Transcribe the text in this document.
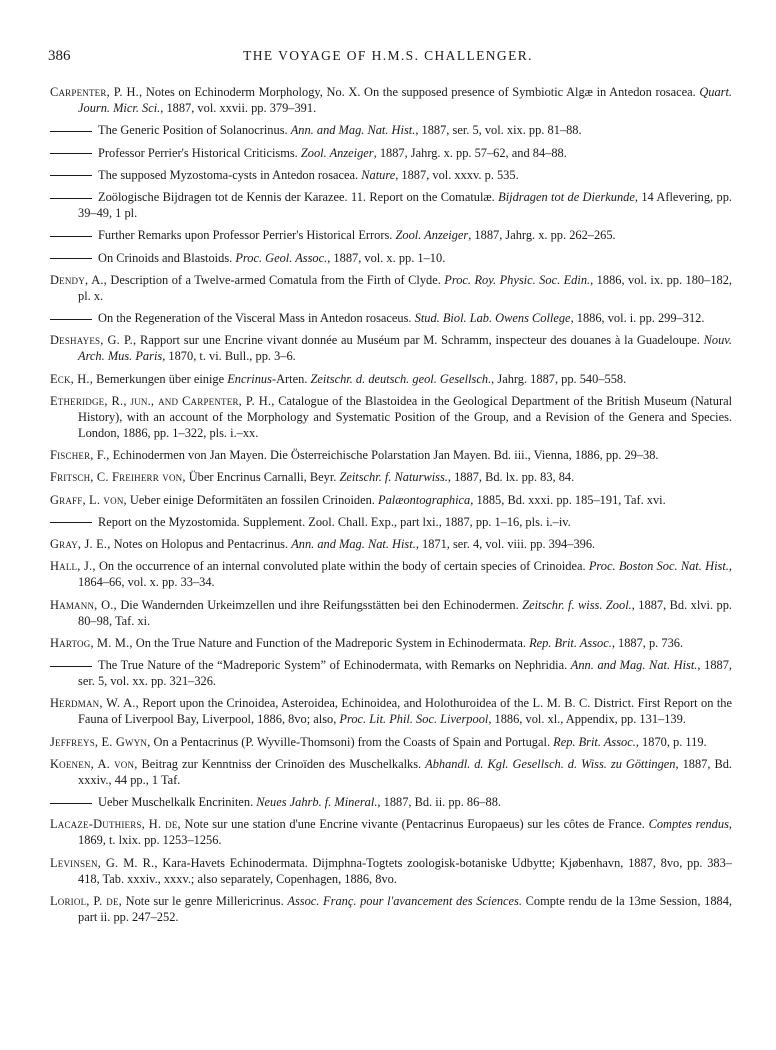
386	THE VOYAGE OF H.M.S. CHALLENGER.

Carpenter, P. H., Notes on Echinoderm Morphology, No. X. On the supposed presence of Symbiotic Algæ in Antedon rosacea. Quart. Journ. Micr. Sci., 1887, vol. xxvii. pp. 379–391.

The Generic Position of Solanocrinus. Ann. and Mag. Nat. Hist., 1887, ser. 5, vol. xix. pp. 81–88.

Professor Perrier's Historical Criticisms. Zool. Anzeiger, 1887, Jahrg. x. pp. 57–62, and 84–88.

The supposed Myzostoma-cysts in Antedon rosacea. Nature, 1887, vol. xxxv. p. 535.

Zoölogische Bijdragen tot de Kennis der Karazee. 11. Report on the Comatulæ. Bijdragen tot de Dierkunde, 14 Aflevering, pp. 39–49, 1 pl.

Further Remarks upon Professor Perrier's Historical Errors. Zool. Anzeiger, 1887, Jahrg. x. pp. 262–265.

On Crinoids and Blastoids. Proc. Geol. Assoc., 1887, vol. x. pp. 1–10.

Dendy, A., Description of a Twelve-armed Comatula from the Firth of Clyde. Proc. Roy. Physic. Soc. Edin., 1886, vol. ix. pp. 180–182, pl. x.

On the Regeneration of the Visceral Mass in Antedon rosaceus. Stud. Biol. Lab. Owens College, 1886, vol. i. pp. 299–312.

Deshayes, G. P., Rapport sur une Encrine vivant donnée au Muséum par M. Schramm, inspecteur des douanes à la Guadeloupe. Nouv. Arch. Mus. Paris, 1870, t. vi. Bull., pp. 3–6.

Eck, H., Bemerkungen über einige Encrinus-Arten. Zeitschr. d. deutsch. geol. Gesellsch., Jahrg. 1887, pp. 540–558.

Etheridge, R., jun., and Carpenter, P. H., Catalogue of the Blastoidea in the Geological Department of the British Museum (Natural History), with an account of the Morphology and Systematic Position of the Group, and a Revision of the Genera and Species. London, 1886, pp. 1–322, pls. i.–xx.

Fischer, F., Echinodermen von Jan Mayen. Die Österreichische Polarstation Jan Mayen. Bd. iii., Vienna, 1886, pp. 29–38.

Fritsch, C. Freiherr von, Über Encrinus Carnalli, Beyr. Zeitschr. f. Naturwiss., 1887, Bd. lx. pp. 83, 84.

Graff, L. von, Ueber einige Deformitäten an fossilen Crinoiden. Palæontographica, 1885, Bd. xxxi. pp. 185–191, Taf. xvi.

Report on the Myzostomida. Supplement. Zool. Chall. Exp., part lxi., 1887, pp. 1–16, pls. i.–iv.

Gray, J. E., Notes on Holopus and Pentacrinus. Ann. and Mag. Nat. Hist., 1871, ser. 4, vol. viii. pp. 394–396.

Hall, J., On the occurrence of an internal convoluted plate within the body of certain species of Crinoidea. Proc. Boston Soc. Nat. Hist., 1864–66, vol. x. pp. 33–34.

Hamann, O., Die Wandernden Urkeimzellen und ihre Reifungsstätten bei den Echinodermen. Zeitschr. f. wiss. Zool., 1887, Bd. xlvi. pp. 80–98, Taf. xi.

Hartog, M. M., On the True Nature and Function of the Madreporic System in Echinodermata. Rep. Brit. Assoc., 1887, p. 736.

The True Nature of the “Madreporic System” of Echinodermata, with Remarks on Nephridia. Ann. and Mag. Nat. Hist., 1887, ser. 5, vol. xx. pp. 321–326.

Herdman, W. A., Report upon the Crinoidea, Asteroidea, Echinoidea, and Holothuroidea of the L. M. B. C. District. First Report on the Fauna of Liverpool Bay, Liverpool, 1886, 8vo; also, Proc. Lit. Phil. Soc. Liverpool, 1886, vol. xl., Appendix, pp. 131–139.

Jeffreys, E. Gwyn, On a Pentacrinus (P. Wyville-Thomsoni) from the Coasts of Spain and Portugal. Rep. Brit. Assoc., 1870, p. 119.

Koenen, A. von, Beitrag zur Kenntniss der Crinoïden des Muschelkalks. Abhandl. d. Kgl. Gesellsch. d. Wiss. zu Göttingen, 1887, Bd. xxxiv., 44 pp., 1 Taf.

Ueber Muschelkalk Encriniten. Neues Jahrb. f. Mineral., 1887, Bd. ii. pp. 86–88.

Lacaze-Duthiers, H. de, Note sur une station d'une Encrine vivante (Pentacrinus Europaeus) sur les côtes de France. Comptes rendus, 1869, t. lxix. pp. 1253–1256.

Levinsen, G. M. R., Kara-Havets Echinodermata. Dijmphna-Togtets zoologisk-botaniske Udbytte; Kjøbenhavn, 1887, 8vo, pp. 383–418, Tab. xxxiv., xxxv.; also separately, Copenhagen, 1886, 8vo.

Loriol, P. de, Note sur le genre Millericrinus. Assoc. Franç. pour l'avancement des Sciences. Compte rendu de la 13me Session, 1884, part ii. pp. 247–252.
